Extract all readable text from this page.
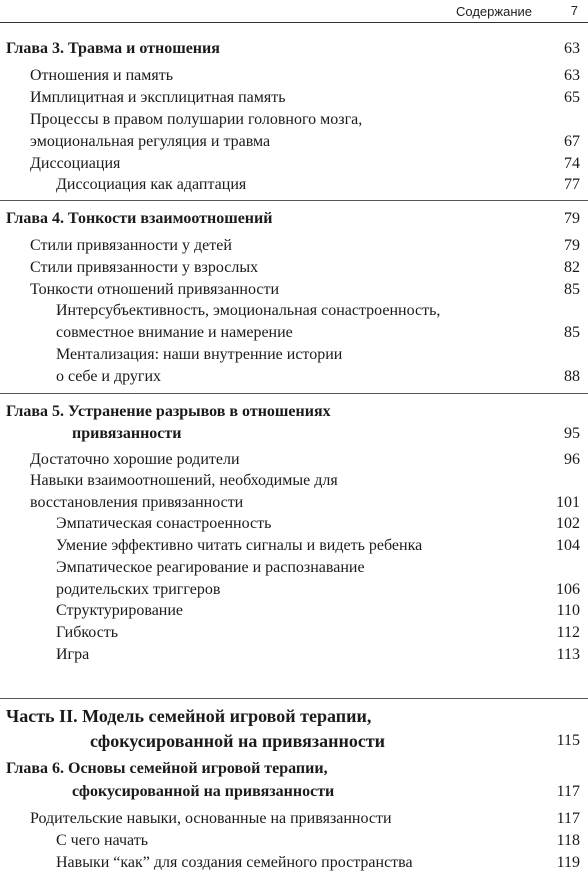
Содержание	7
Глава 3. Травма и отношения	63
Отношения и память	63
Имплицитная и эксплицитная память	65
Процессы в правом полушарии головного мозга,
эмоциональная регуляция и травма	67
Диссоциация	74
Диссоциация как адаптация	77
Глава 4. Тонкости взаимоотношений	79
Стили привязанности у детей	79
Стили привязанности у взрослых	82
Тонкости отношений привязанности	85
Интерсубъективность, эмоциональная сонастроенность,
совместное внимание и намерение	85
Ментализация: наши внутренние истории
о себе и других	88
Глава 5. Устранение разрывов в отношениях
привязанности	95
Достаточно хорошие родители	96
Навыки взаимоотношений, необходимые для
восстановления привязанности	101
Эмпатическая сонастроенность	102
Умение эффективно читать сигналы и видеть ребенка	104
Эмпатическое реагирование и распознавание
родительских триггеров	106
Структурирование	110
Гибкость	112
Игра	113
Часть II. Модель семейной игровой терапии,
сфокусированной на привязанности	115
Глава 6. Основы семейной игровой терапии,
сфокусированной на привязанности	117
Родительские навыки, основанные на привязанности	117
С чего начать	118
Навыки “как” для создания семейного пространства	119
